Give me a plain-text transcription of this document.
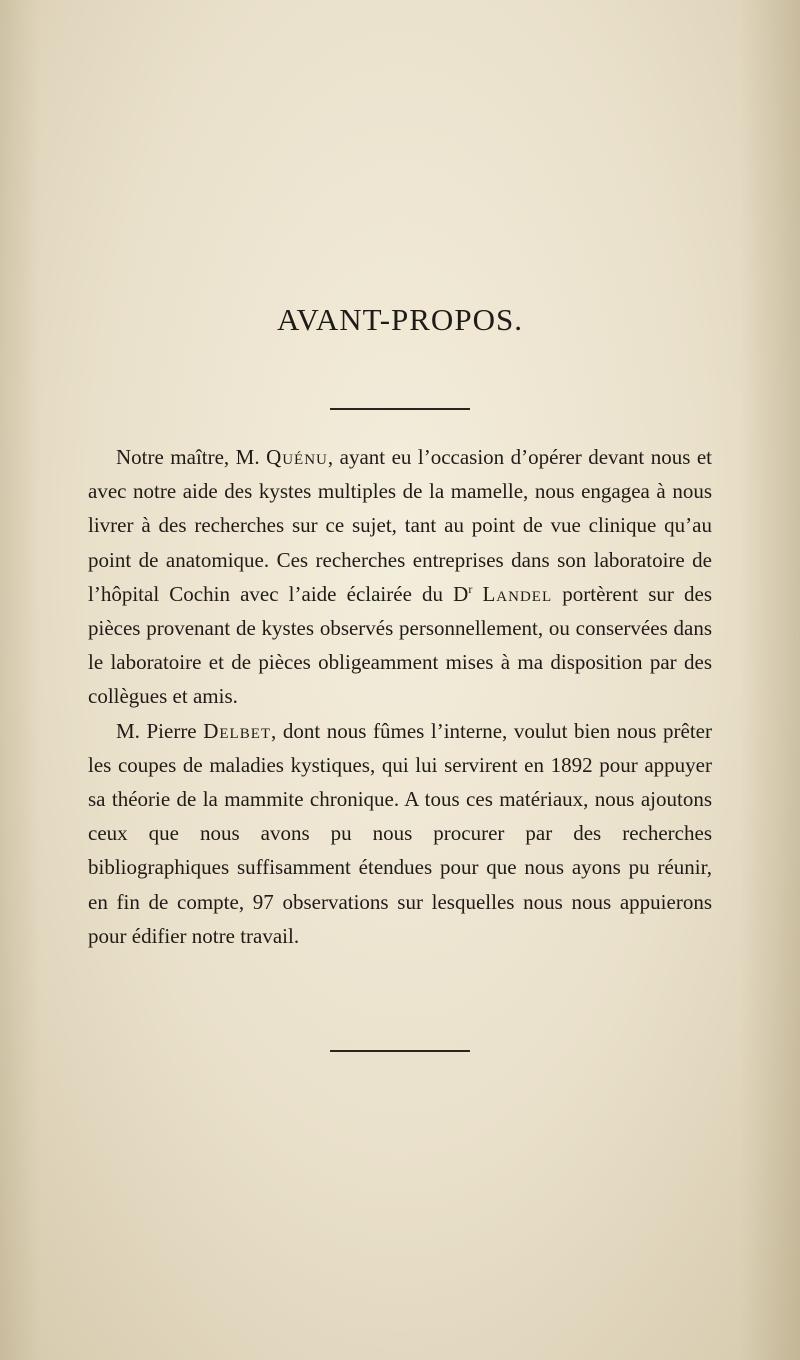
AVANT-PROPOS.

Notre maître, M. Quénu, ayant eu l’occasion d’opérer devant nous et avec notre aide des kystes multiples de la mamelle, nous engagea à nous livrer à des recherches sur ce sujet, tant au point de vue clinique qu’au point de anatomique. Ces recherches entreprises dans son laboratoire de l’hôpital Cochin avec l’aide éclairée du $D^r$ Landel portèrent sur des pièces provenant de kystes observés personnellement, ou conservées dans le laboratoire et de pièces obligeamment mises à ma disposition par des collègues et amis.

M. Pierre Delbet, dont nous fûmes l’interne, voulut bien nous prêter les coupes de maladies kystiques, qui lui servirent en 1892 pour appuyer sa théorie de la mammite chronique. A tous ces matériaux, nous ajoutons ceux que nous avons pu nous procurer par des recherches bibliographiques suffisamment étendues pour que nous ayons pu réunir, en fin de compte, 97 observations sur lesquelles nous nous appuierons pour édifier notre travail.
